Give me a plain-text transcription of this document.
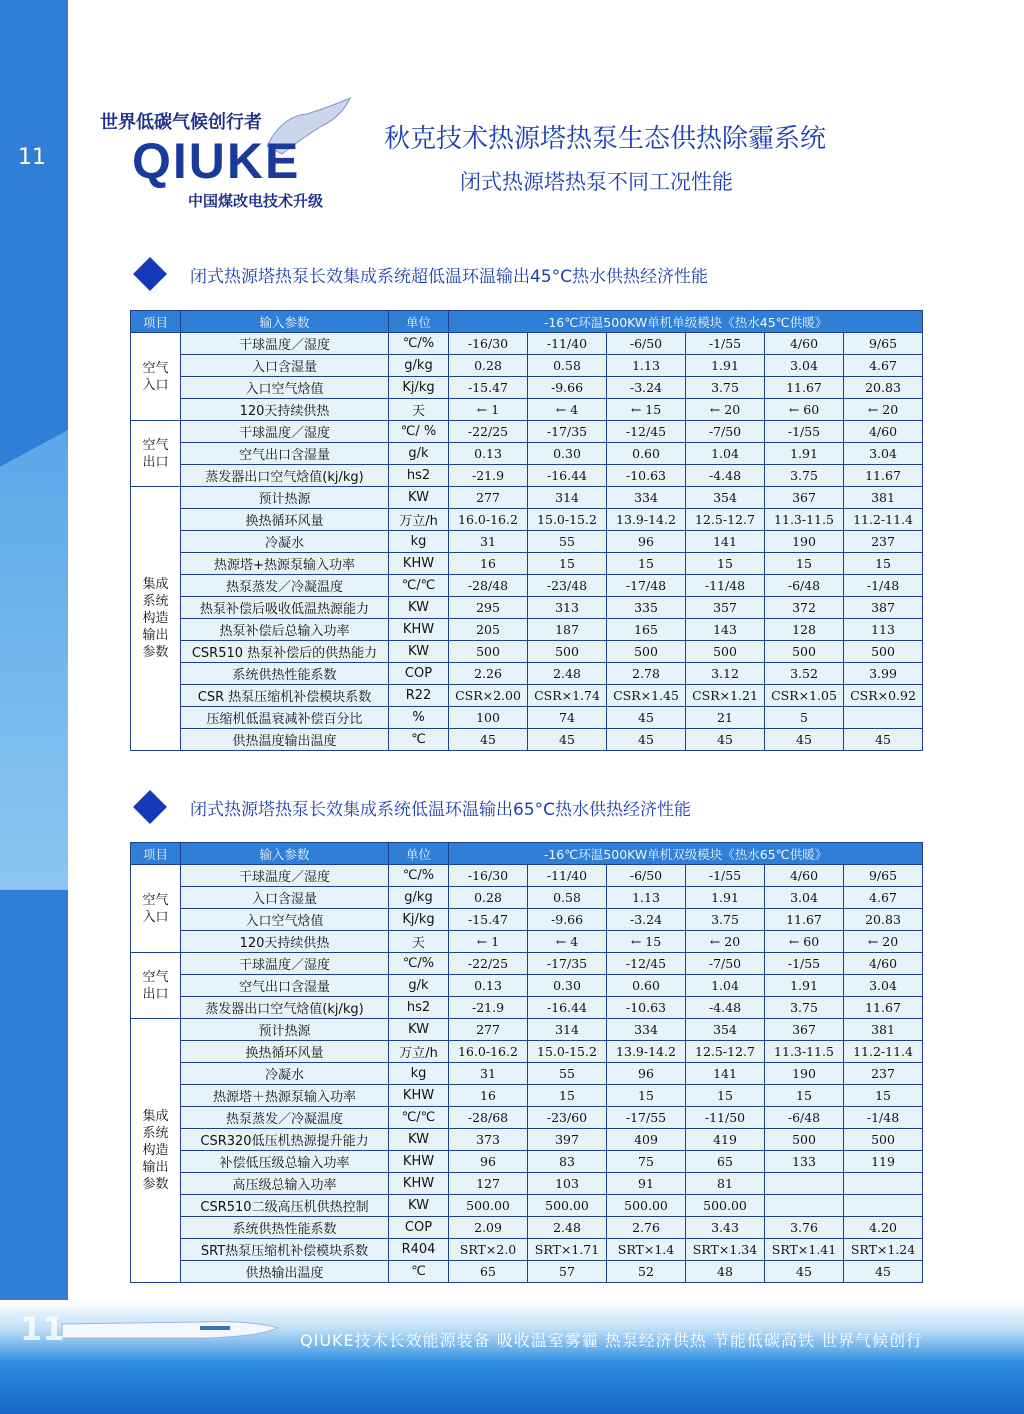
11
世界低碳气候创行者
QIUKE
中国煤改电技术升级
秋克技术热源塔热泵生态供热除霾系统
闭式热源塔热泵不同工况性能
闭式热源塔热泵长效集成系统超低温环温输出45°C热水供热经济性能
项目	输入参数	单位	-16℃环温500KW单机单级模块《热水45℃供暖》					
空气
入口	干球温度／湿度	℃/%	-16/30	-11/40	-6/50	-1/55	4/60	9/65
	入口含湿量	g/kg	0.28	0.58	1.13	1.91	3.04	4.67
	入口空气焓值	Kj/kg	-15.47	-9.66	-3.24	3.75	11.67	20.83
	120天持续供热	天	← 1	← 4	← 15	← 20	← 60	← 20
空气
出口	干球温度／湿度	℃/ %	-22/25	-17/35	-12/45	-7/50	-1/55	4/60
	空气出口含湿量	g/k	0.13	0.30	0.60	1.04	1.91	3.04
	蒸发器出口空气焓值(kj/kg)	hs2	-21.9	-16.44	-10.63	-4.48	3.75	11.67
集成
系统
构造
输出
参数	预计热源	KW	277	314	334	354	367	381
	换热循环风量	万立/h	16.0-16.2	15.0-15.2	13.9-14.2	12.5-12.7	11.3-11.5	11.2-11.4
	冷凝水	kg	31	55	96	141	190	237
	热源塔+热源泵输入功率	KHW	16	15	15	15	15	15
	热泵蒸发／冷凝温度	℃/℃	-28/48	-23/48	-17/48	-11/48	-6/48	-1/48
	热泵补偿后吸收低温热源能力	KW	295	313	335	357	372	387
	热泵补偿后总输入功率	KHW	205	187	165	143	128	113
	CSR510 热泵补偿后的供热能力	KW	500	500	500	500	500	500
	系统供热性能系数	COP	2.26	2.48	2.78	3.12	3.52	3.99
	CSR 热泵压缩机补偿模块系数	R22	CSR×2.00	CSR×1.74	CSR×1.45	CSR×1.21	CSR×1.05	CSR×0.92
	压缩机低温衰减补偿百分比	%	100	74	45	21	5	
	供热温度输出温度	℃	45	45	45	45	45	45
闭式热源塔热泵长效集成系统低温环温输出65°C热水供热经济性能
项目	输入参数	单位	-16℃环温500KW单机双级模块《热水65℃供暖》					
空气
入口	干球温度／湿度	℃/%	-16/30	-11/40	-6/50	-1/55	4/60	9/65
	入口含湿量	g/kg	0.28	0.58	1.13	1.91	3.04	4.67
	入口空气焓值	Kj/kg	-15.47	-9.66	-3.24	3.75	11.67	20.83
	120天持续供热	天	← 1	← 4	← 15	← 20	← 60	← 20
空气
出口	干球温度／湿度	℃/%	-22/25	-17/35	-12/45	-7/50	-1/55	4/60
	空气出口含湿量	g/k	0.13	0.30	0.60	1.04	1.91	3.04
	蒸发器出口空气焓值(kj/kg)	hs2	-21.9	-16.44	-10.63	-4.48	3.75	11.67
集成
系统
构造
输出
参数	预计热源	KW	277	314	334	354	367	381
	换热循环风量	万立/h	16.0-16.2	15.0-15.2	13.9-14.2	12.5-12.7	11.3-11.5	11.2-11.4
	冷凝水	kg	31	55	96	141	190	237
	热源塔＋热源泵输入功率	KHW	16	15	15	15	15	15
	热泵蒸发／冷凝温度	℃/℃	-28/68	-23/60	-17/55	-11/50	-6/48	-1/48
	CSR320低压机热源提升能力	KW	373	397	409	419	500	500
	补偿低压级总输入功率	KHW	96	83	75	65	133	119
	高压级总输入功率	KHW	127	103	91	81		
	CSR510二级高压机供热控制	KW	500.00	500.00	500.00	500.00		
	系统供热性能系数	COP	2.09	2.48	2.76	3.43	3.76	4.20
	SRT热泵压缩机补偿模块系数	R404	SRT×2.0	SRT×1.71	SRT×1.4	SRT×1.34	SRT×1.41	SRT×1.24
	供热输出温度	℃	65	57	52	48	45	45
11	QIUKE技术长效能源装备 吸收温室雾霾 热泵经济供热 节能低碳高铁 世界气候创行
